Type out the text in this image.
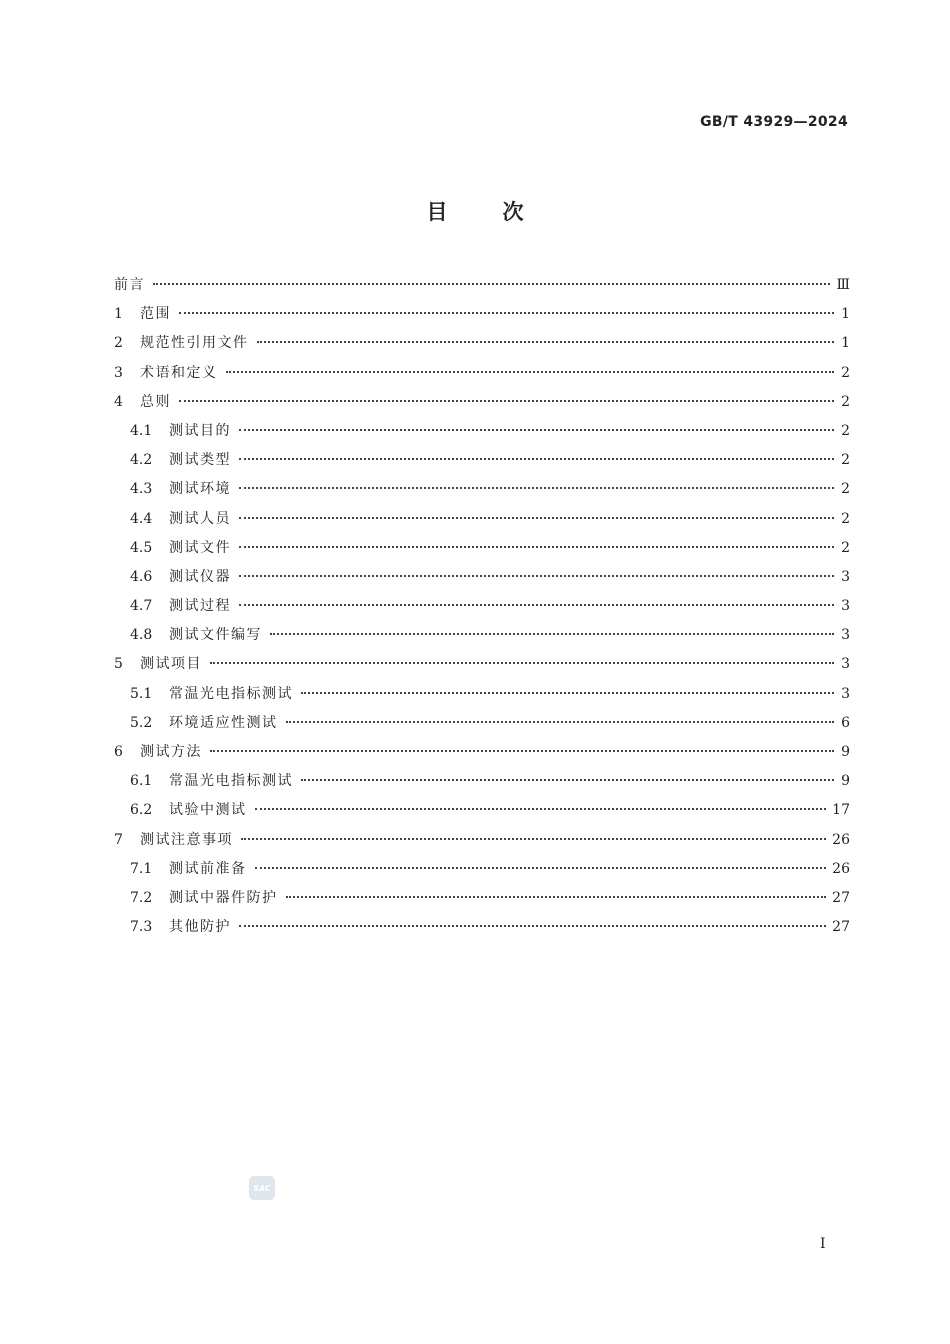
GB/T 43929—2024
目次
前言	Ⅲ
1	范围	1
2	规范性引用文件	1
3	术语和定义	2
4	总则	2
4.1	测试目的	2
4.2	测试类型	2
4.3	测试环境	2
4.4	测试人员	2
4.5	测试文件	2
4.6	测试仪器	3
4.7	测试过程	3
4.8	测试文件编写	3
5	测试项目	3
5.1	常温光电指标测试	3
5.2	环境适应性测试	6
6	测试方法	9
6.1	常温光电指标测试	9
6.2	试验中测试	17
7	测试注意事项	26
7.1	测试前准备	26
7.2	测试中器件防护	27
7.3	其他防护	27
SAC
I
